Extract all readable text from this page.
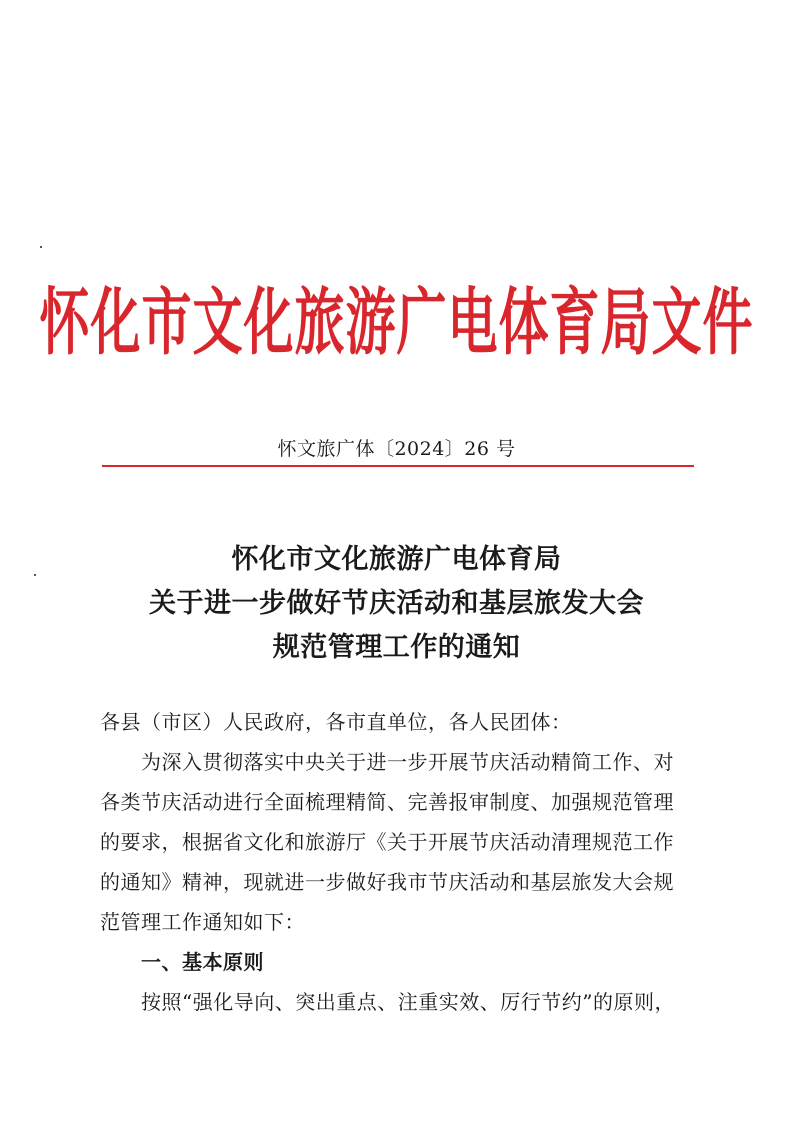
怀化市文化旅游广电体育局文件
怀文旅广体〔2024〕26 号
怀化市文化旅游广电体育局
关于进一步做好节庆活动和基层旅发大会
规范管理工作的通知
各县（市区）人民政府，各市直单位，各人民团体：
为深入贯彻落实中央关于进一步开展节庆活动精简工作、对
各类节庆活动进行全面梳理精简、完善报审制度、加强规范管理
的要求，根据省文化和旅游厅《关于开展节庆活动清理规范工作
的通知》精神，现就进一步做好我市节庆活动和基层旅发大会规
范管理工作通知如下：
一、基本原则
按照“强化导向、突出重点、注重实效、厉行节约”的原则，
